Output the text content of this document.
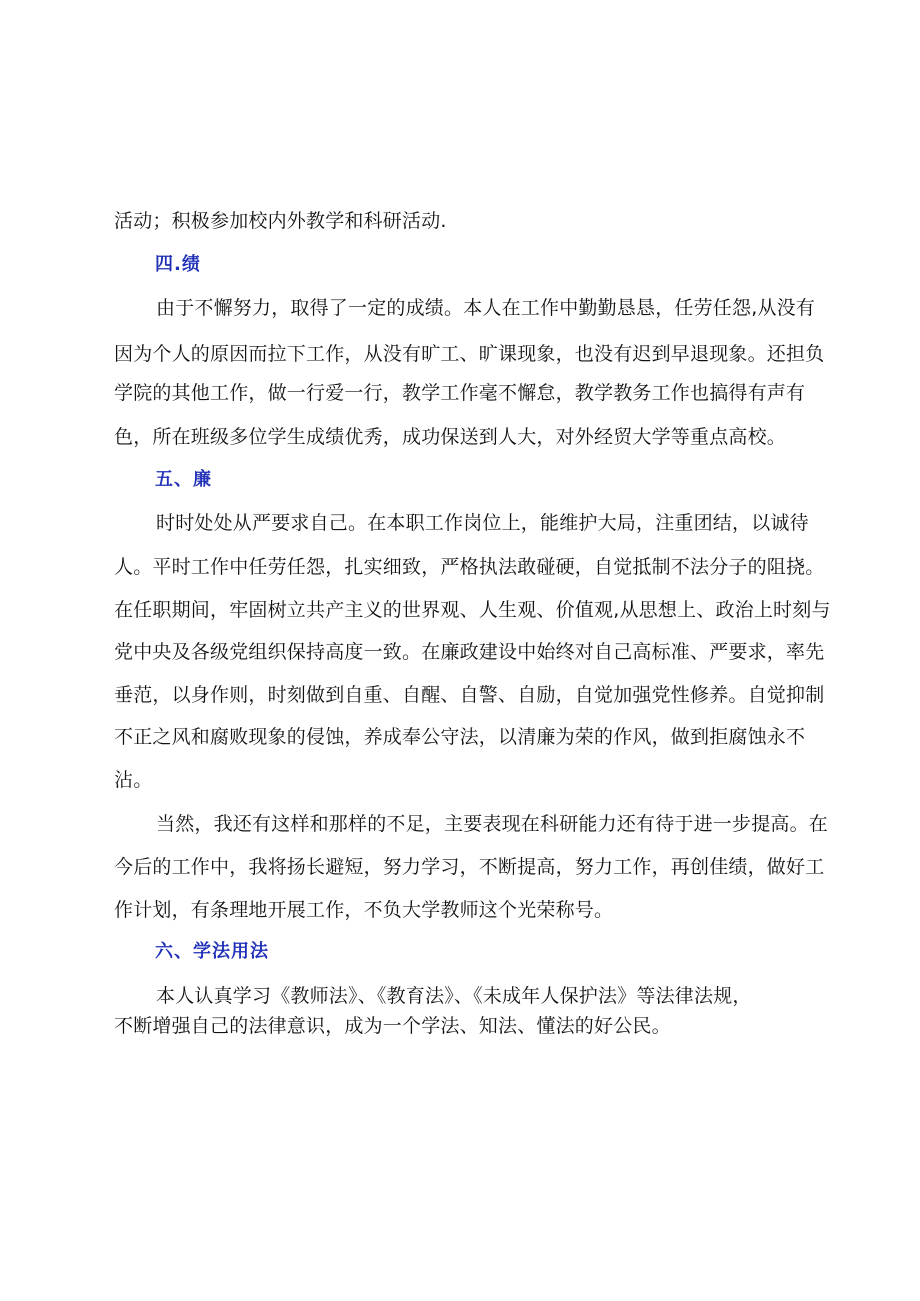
活动；积极参加校内外教学和科研活动.
四.绩
由于不懈努力，取得了一定的成绩。本人在工作中勤勤恳恳，任劳任怨,从没有
因为个人的原因而拉下工作，从没有旷工、旷课现象，也没有迟到早退现象。还担负
学院的其他工作，做一行爱一行，教学工作毫不懈怠，教学教务工作也搞得有声有
色，所在班级多位学生成绩优秀，成功保送到人大，对外经贸大学等重点高校。
五、廉
时时处处从严要求自己。在本职工作岗位上，能维护大局，注重团结，以诚待
人。平时工作中任劳任怨，扎实细致，严格执法敢碰硬，自觉抵制不法分子的阻挠。
在任职期间，牢固树立共产主义的世界观、人生观、价值观,从思想上、政治上时刻与
党中央及各级党组织保持高度一致。在廉政建设中始终对自己高标准、严要求，率先
垂范，以身作则，时刻做到自重、自醒、自警、自励，自觉加强党性修养。自觉抑制
不正之风和腐败现象的侵蚀，养成奉公守法，以清廉为荣的作风，做到拒腐蚀永不
沾。
当然，我还有这样和那样的不足，主要表现在科研能力还有待于进一步提高。在
今后的工作中，我将扬长避短，努力学习，不断提高，努力工作，再创佳绩，做好工
作计划，有条理地开展工作，不负大学教师这个光荣称号。
六、学法用法
本人认真学习《教师法》、《教育法》、《未成年人保护法》等法律法规，
不断增强自己的法律意识，成为一个学法、知法、懂法的好公民。
